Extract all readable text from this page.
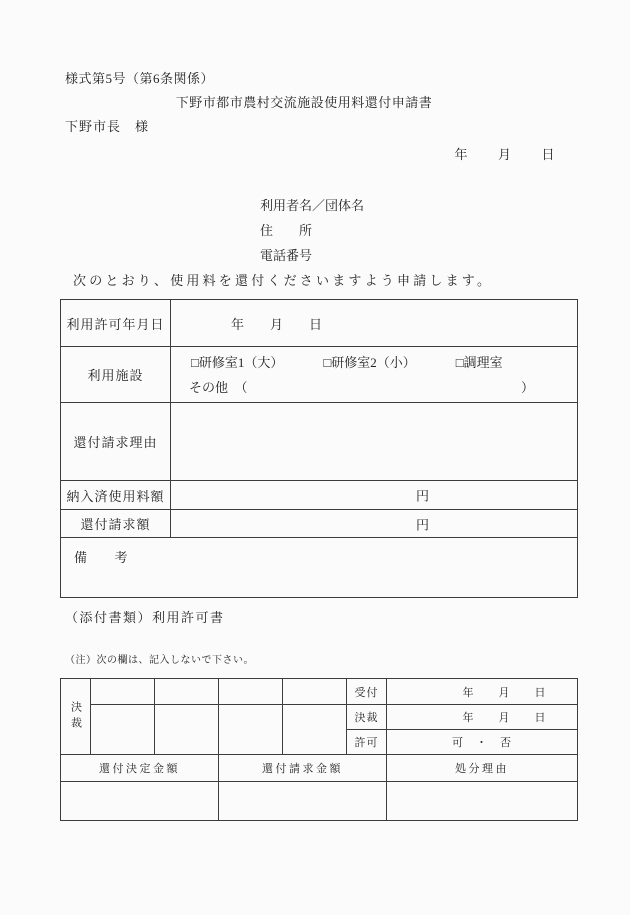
様式第5号（第6条関係）
下野市都市農村交流施設使用料還付申請書
下野市長　様
年　　月　　日
利用者名／団体名
住　　所
電話番号
次のとおり、使用料を還付くださいますよう申請します。
利用許可年月日	年　　月　　日
利用施設	□研修室1（大） □研修室2（小） □調理室
その他　（ ）

還付請求理由	
納入済使用料額	円

還付請求額	円

備　　考	
（添付書類）利用許可書
（注）次の欄は、記入しないで下さい。
決裁					受付	年　　月　　日
					決裁	年　　月　　日
					許可	可　・　否
還付決定金額			還付請求金額			処分理由
